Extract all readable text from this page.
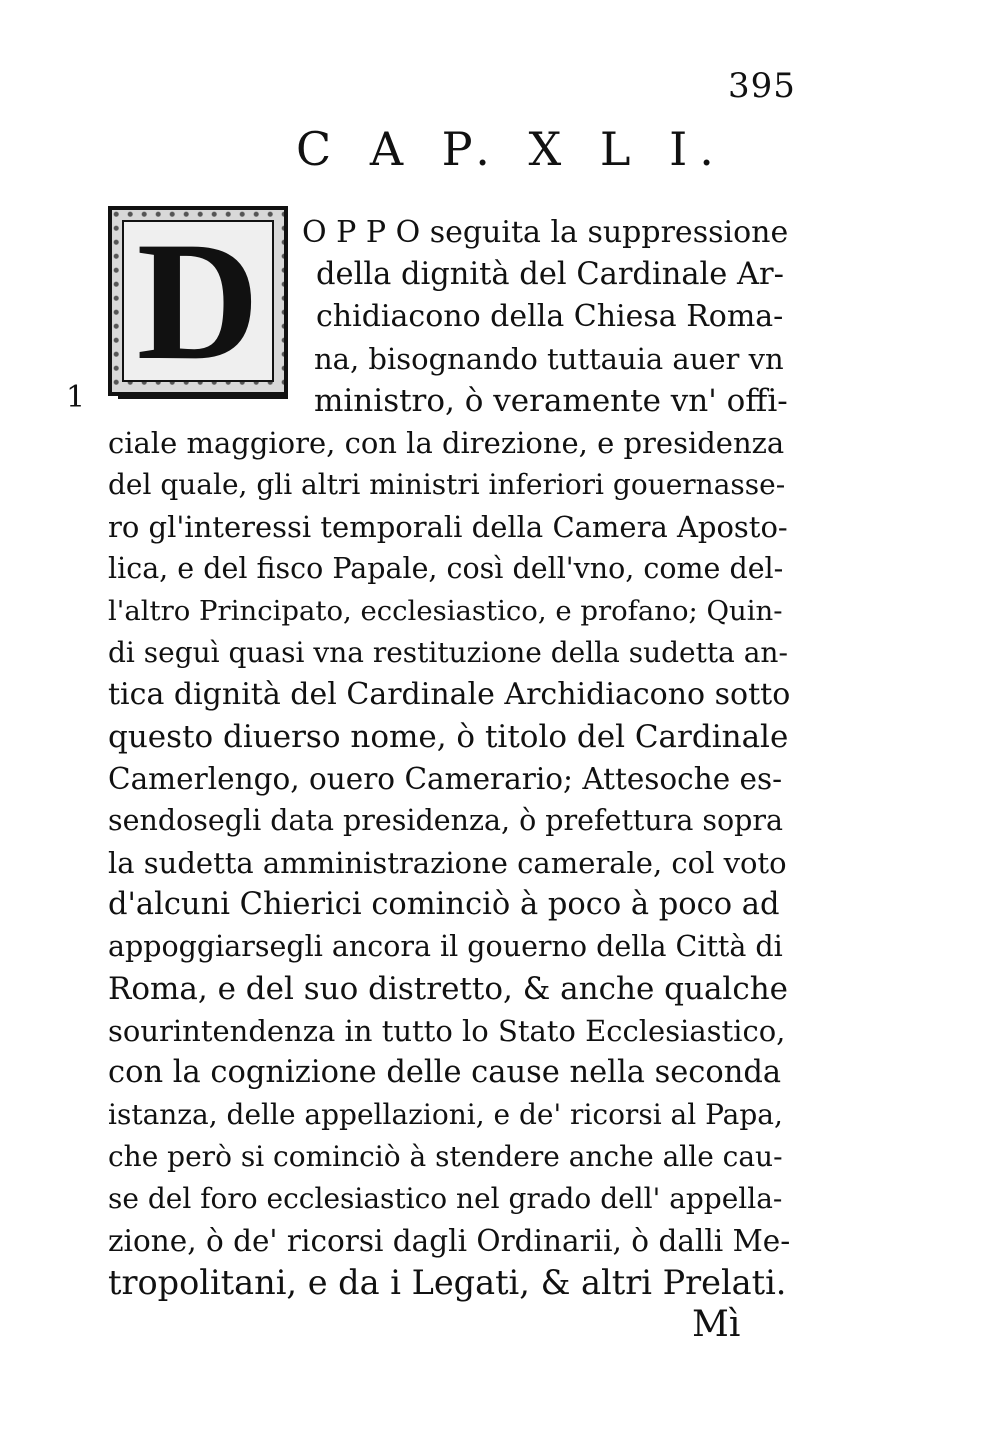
395
C A P. X L I.
D
1
O P P O seguita la suppressione
della dignità del Cardinale Ar-
chidiacono della Chiesa Roma-
na, bisognando tuttauia auer vn
ministro, ò veramente vn' offi-
ciale maggiore, con la direzione, e presidenza
del quale, gli altri ministri inferiori gouernasse-
ro gl'interessi temporali della Camera Aposto-
lica, e del fisco Papale, così dell'vno, come del-
l'altro Principato, ecclesiastico, e profano; Quin-
di seguì quasi vna restituzione della sudetta an-
tica dignità del Cardinale Archidiacono sotto
questo diuerso nome, ò titolo del Cardinale
Camerlengo, ouero Camerario; Attesoche es-
sendosegli data presidenza, ò prefettura sopra
la sudetta amministrazione camerale, col voto
d'alcuni Chierici cominciò à poco à poco ad
appoggiarsegli ancora il gouerno della Città di
Roma, e del suo distretto, & anche qualche
sourintendenza in tutto lo Stato Ecclesiastico,
con la cognizione delle cause nella seconda
istanza, delle appellazioni, e de' ricorsi al Papa,
che però si cominciò à stendere anche alle cau-
se del foro ecclesiastico nel grado dell' appella-
zione, ò de' ricorsi dagli Ordinarii, ò dalli Me-
tropolitani, e da i Legati, & altri Prelati.
Mì
